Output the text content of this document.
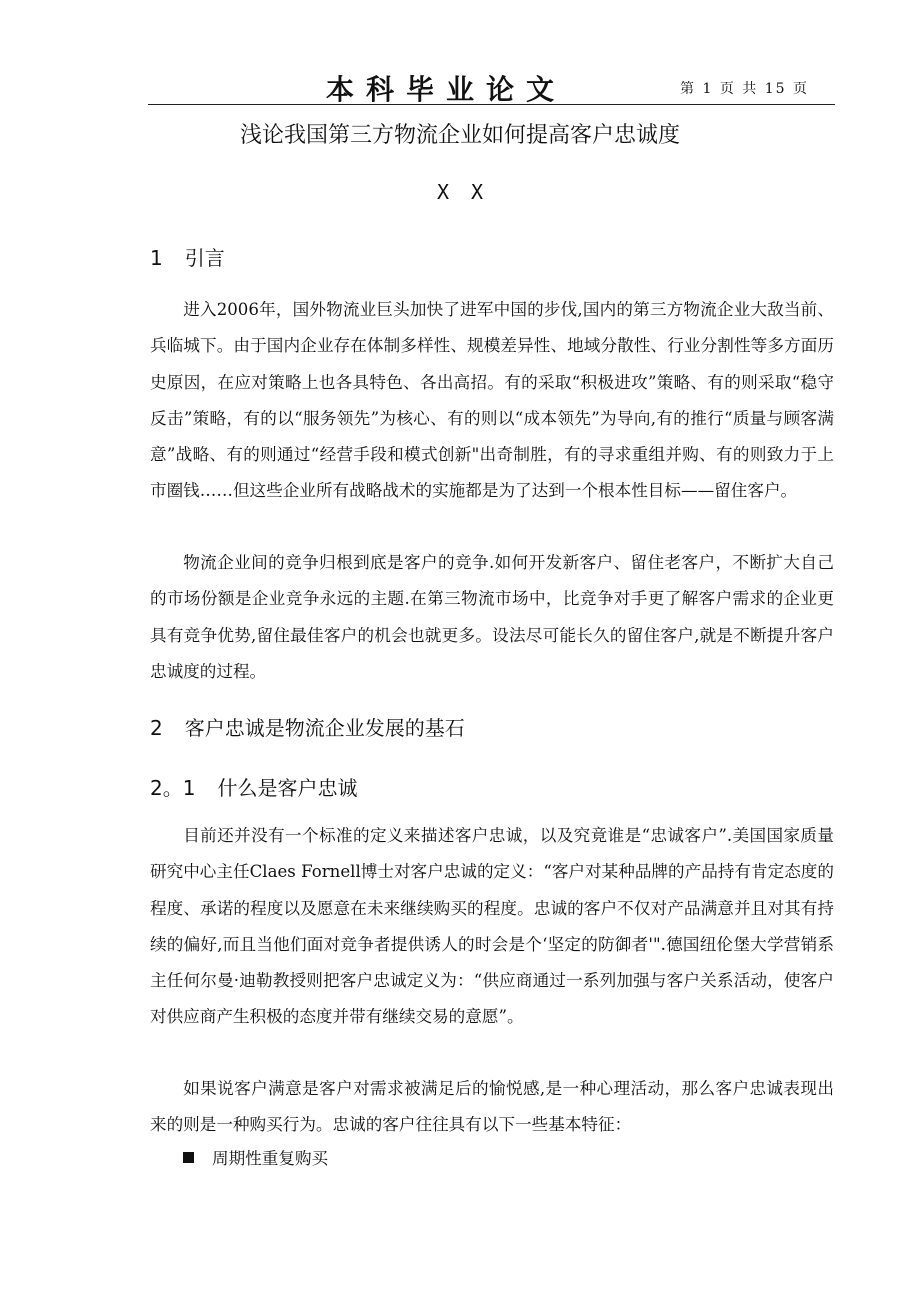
本科毕业论文	第 1 页 共 15 页
浅论我国第三方物流企业如何提高客户忠诚度
XX
1 引言

进入2006年，国外物流业巨头加快了进军中国的步伐,国内的第三方物流企业大敌当前、兵临城下。由于国内企业存在体制多样性、规模差异性、地域分散性、行业分割性等多方面历史原因，在应对策略上也各具特色、各出高招。有的采取“积极进攻”策略、有的则采取“稳守反击”策略，有的以“服务领先”为核心、有的则以“成本领先”为导向,有的推行“质量与顾客满意”战略、有的则通过“经营手段和模式创新"出奇制胜，有的寻求重组并购、有的则致力于上市圈钱……但这些企业所有战略战术的实施都是为了达到一个根本性目标——留住客户。

物流企业间的竞争归根到底是客户的竞争.如何开发新客户、留住老客户，不断扩大自己的市场份额是企业竞争永远的主题.在第三物流市场中，比竞争对手更了解客户需求的企业更具有竞争优势,留住最佳客户的机会也就更多。设法尽可能长久的留住客户,就是不断提升客户忠诚度的过程。

2 客户忠诚是物流企业发展的基石
2。1 什么是客户忠诚

目前还并没有一个标准的定义来描述客户忠诚，以及究竟谁是“忠诚客户”.美国国家质量研究中心主任Claes Fornell博士对客户忠诚的定义：“客户对某种品牌的产品持有肯定态度的程度、承诺的程度以及愿意在未来继续购买的程度。忠诚的客户不仅对产品满意并且对其有持续的偏好,而且当他们面对竞争者提供诱人的时会是个‘坚定的防御者'".德国纽伦堡大学营销系主任何尔曼·迪勒教授则把客户忠诚定义为：“供应商通过一系列加强与客户关系活动，使客户对供应商产生积极的态度并带有继续交易的意愿”。

如果说客户满意是客户对需求被满足后的愉悦感,是一种心理活动，那么客户忠诚表现出来的则是一种购买行为。忠诚的客户往往具有以下一些基本特征：

周期性重复购买
